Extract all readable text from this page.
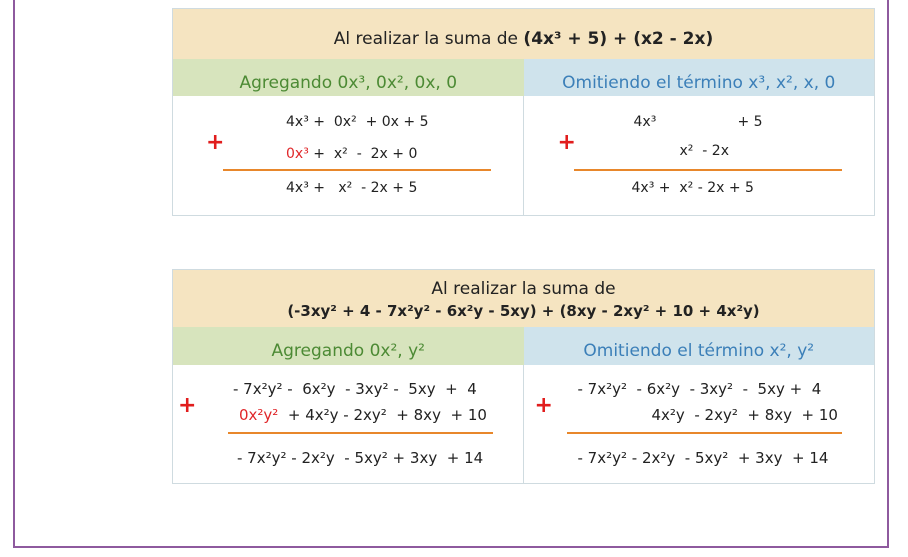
Al realizar la suma de (4x³ + 5) + (x2 - 2x)
Agregando 0x³, 0x², 0x, 0	Omitiendo el término x³, x², x, 0
+
4x³ +  0x²  + 0x + 5
0x³ +  x²  -  2x + 0
4x³ +   x²  - 2x + 5
+
4x³	+ 5
x²  - 2x
4x³ +  x² - 2x + 5
Al realizar la suma de
(-3xy² + 4 - 7x²y² - 6x²y - 5xy) + (8xy - 2xy² + 10 + 4x²y)
Agregando 0x², y²	Omitiendo el término x², y²
+
- 7x²y² -  6x²y  - 3xy² -  5xy  +  4
0x²y²  + 4x²y - 2xy²  + 8xy  + 10
- 7x²y² - 2x²y  - 5xy² + 3xy  + 14
+
- 7x²y²  - 6x²y  - 3xy²  -  5xy +  4
4x²y  - 2xy²  + 8xy  + 10
- 7x²y² - 2x²y  - 5xy²  + 3xy  + 14
